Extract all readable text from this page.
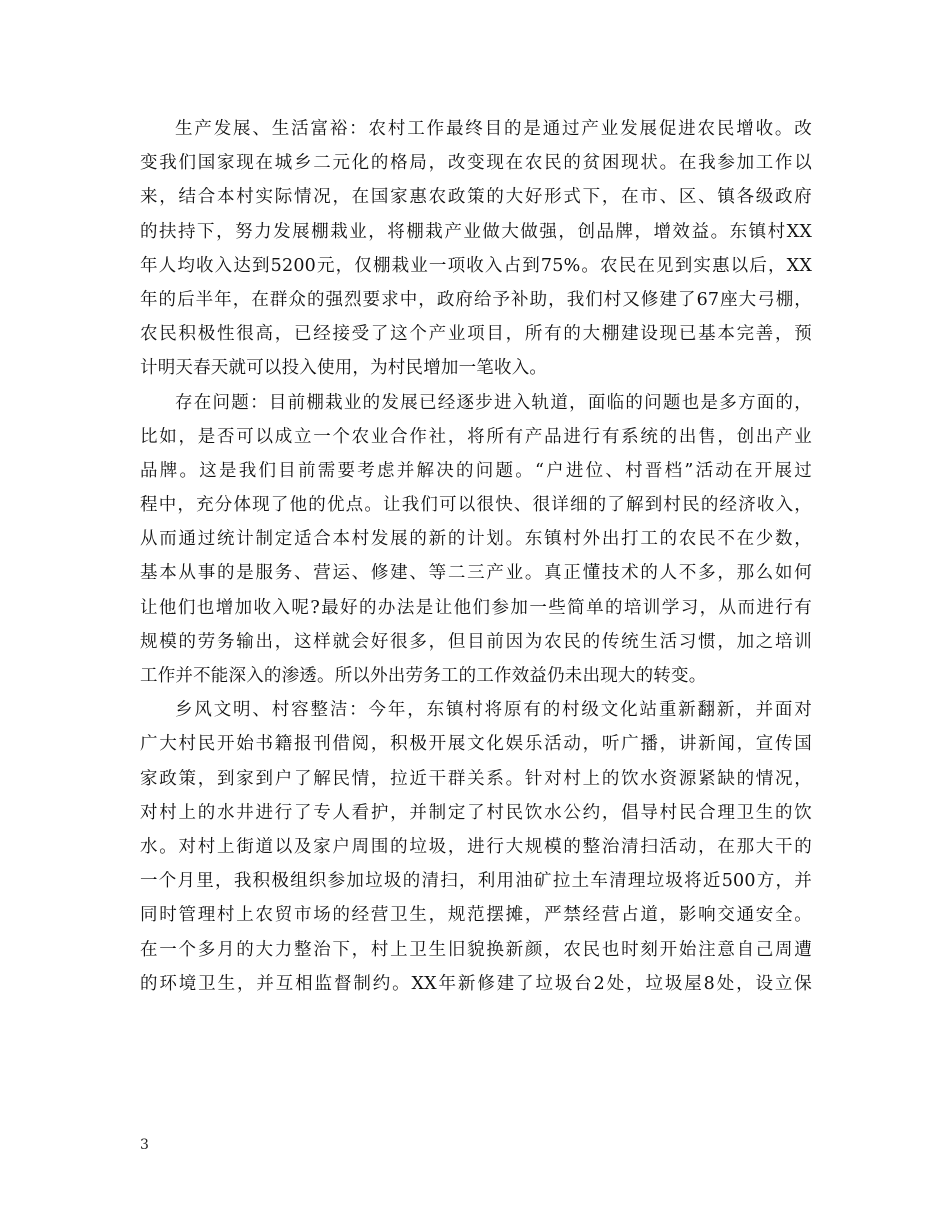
生产发展、生活富裕：农村工作最终目的是通过产业发展促进农民增收。改
变我们国家现在城乡二元化的格局，改变现在农民的贫困现状。在我参加工作以
来，结合本村实际情况，在国家惠农政策的大好形式下，在市、区、镇各级政府
的扶持下，努力发展棚栽业，将棚栽产业做大做强，创品牌，增效益。东镇村XX
年人均收入达到5200元，仅棚栽业一项收入占到75%。农民在见到实惠以后，XX
年的后半年，在群众的强烈要求中，政府给予补助，我们村又修建了67座大弓棚，
农民积极性很高，已经接受了这个产业项目，所有的大棚建设现已基本完善，预
计明天春天就可以投入使用，为村民增加一笔收入。
存在问题：目前棚栽业的发展已经逐步进入轨道，面临的问题也是多方面的，
比如，是否可以成立一个农业合作社，将所有产品进行有系统的出售，创出产业
品牌。这是我们目前需要考虑并解决的问题。“户进位、村晋档”活动在开展过
程中，充分体现了他的优点。让我们可以很快、很详细的了解到村民的经济收入，
从而通过统计制定适合本村发展的新的计划。东镇村外出打工的农民不在少数，
基本从事的是服务、营运、修建、等二三产业。真正懂技术的人不多，那么如何
让他们也增加收入呢?最好的办法是让他们参加一些简单的培训学习，从而进行有
规模的劳务输出，这样就会好很多，但目前因为农民的传统生活习惯，加之培训
工作并不能深入的渗透。所以外出劳务工的工作效益仍未出现大的转变。
乡风文明、村容整洁：今年，东镇村将原有的村级文化站重新翻新，并面对
广大村民开始书籍报刊借阅，积极开展文化娱乐活动，听广播，讲新闻，宣传国
家政策，到家到户了解民情，拉近干群关系。针对村上的饮水资源紧缺的情况，
对村上的水井进行了专人看护，并制定了村民饮水公约，倡导村民合理卫生的饮
水。对村上街道以及家户周围的垃圾，进行大规模的整治清扫活动，在那大干的
一个月里，我积极组织参加垃圾的清扫，利用油矿拉土车清理垃圾将近500方，并
同时管理村上农贸市场的经营卫生，规范摆摊，严禁经营占道，影响交通安全。
在一个多月的大力整治下，村上卫生旧貌换新颜，农民也时刻开始注意自己周遭
的环境卫生，并互相监督制约。XX年新修建了垃圾台2处，垃圾屋8处，设立保
3
